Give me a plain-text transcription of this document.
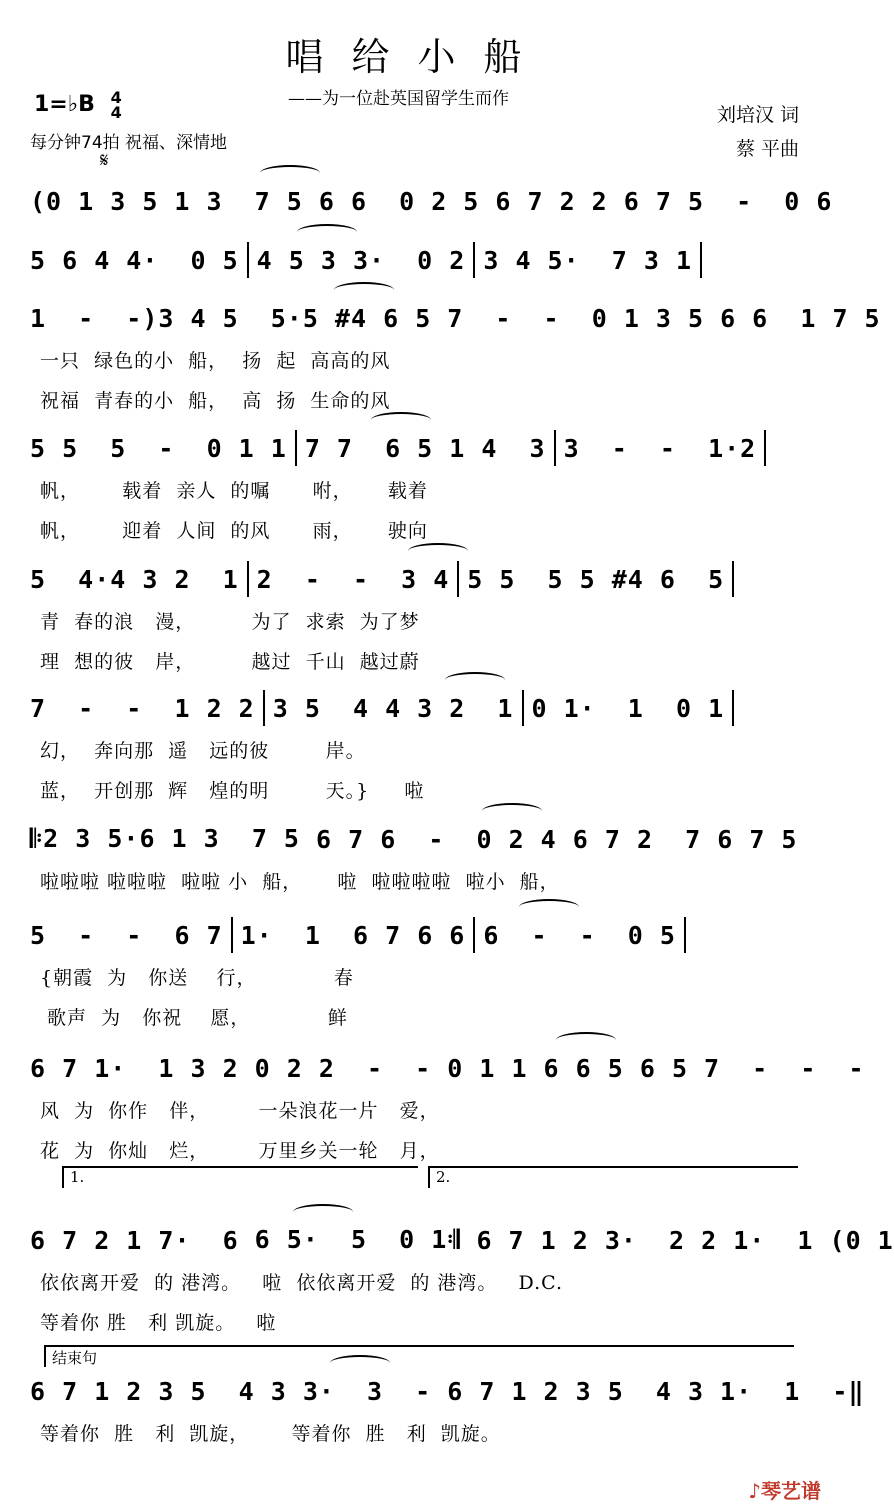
唱给小船
——为一位赴英国留学生而作
1=♭B 4
4
每分钟74拍 祝福、深情地
刘培汉 词
蔡 平曲
𝄋
(0 1 3 5 1 3  7 5 6 6  0 2 5 6 7 2 2 6 7 5  -  0 6
5 6 4 4·  0 5 4 5 3 3·  0 2 3 4 5·  7 3 1
1  -  -)3 4 5  5·5 #4 6 5 7  -  -  0 1 3 5 6 6  1 7 5
一只  绿色的小  船，  扬  起  高高的风
祝福  青春的小  船，  高  扬  生命的风
5 5  5  -  0 1 1 7 7  6 5 1 4  3 3  -  -  1·2
帆，      载着  亲人  的嘱      咐，     载着
帆，      迎着  人间  的风      雨，     驶向
5  4·4 3 2  1 2  -  -  3 4 5 5  5 5 #4 6  5
青  春的浪   漫，        为了  求索  为了梦
理  想的彼   岸，        越过  千山  越过蔚
7  -  -  1 2 2 3 5  4 4 3 2  1 0 1·  1  0 1
幻，  奔向那  遥   远的彼        岸。
蓝，  开创那  辉   煌的明        天。}     啦
𝄆2 3 5·6 1 3  7 5 6 7 6  -  0 2 4 6 7 2  7 6 7 5
啦啦啦 啦啦啦  啦啦 小  船，     啦  啦啦啦啦  啦小  船，
5  -  -  6 7 1·  1  6 7 6 6 6  -  -  0 5
{朝霞  为   你送    行，           春
歌声  为   你祝    愿，           鲜
6 7 1·  1 3 2 0 2 2  -  - 0 1 1 6 6 5 6 5 7  -  -  -
风  为  你作   伴，       一朵浪花一片   爱，
花  为  你灿   烂，       万里乡关一轮   月，
1.	2.
6 7 2 1 7·  6 6 5·  5  0 1𝄇 6 7 1 2 3·  2 2 1·  1 (0 1
依依离开爱  的 港湾。   啦  依依离开爱  的 港湾。   D.C.
等着你 胜   利 凯旋。   啦
结束句
6 7 1 2 3 5  4 3 3·  3  - 6 7 1 2 3 5  4 3 1·  1  -‖
等着你  胜   利  凯旋，      等着你  胜   利  凯旋。
♪琴艺谱
